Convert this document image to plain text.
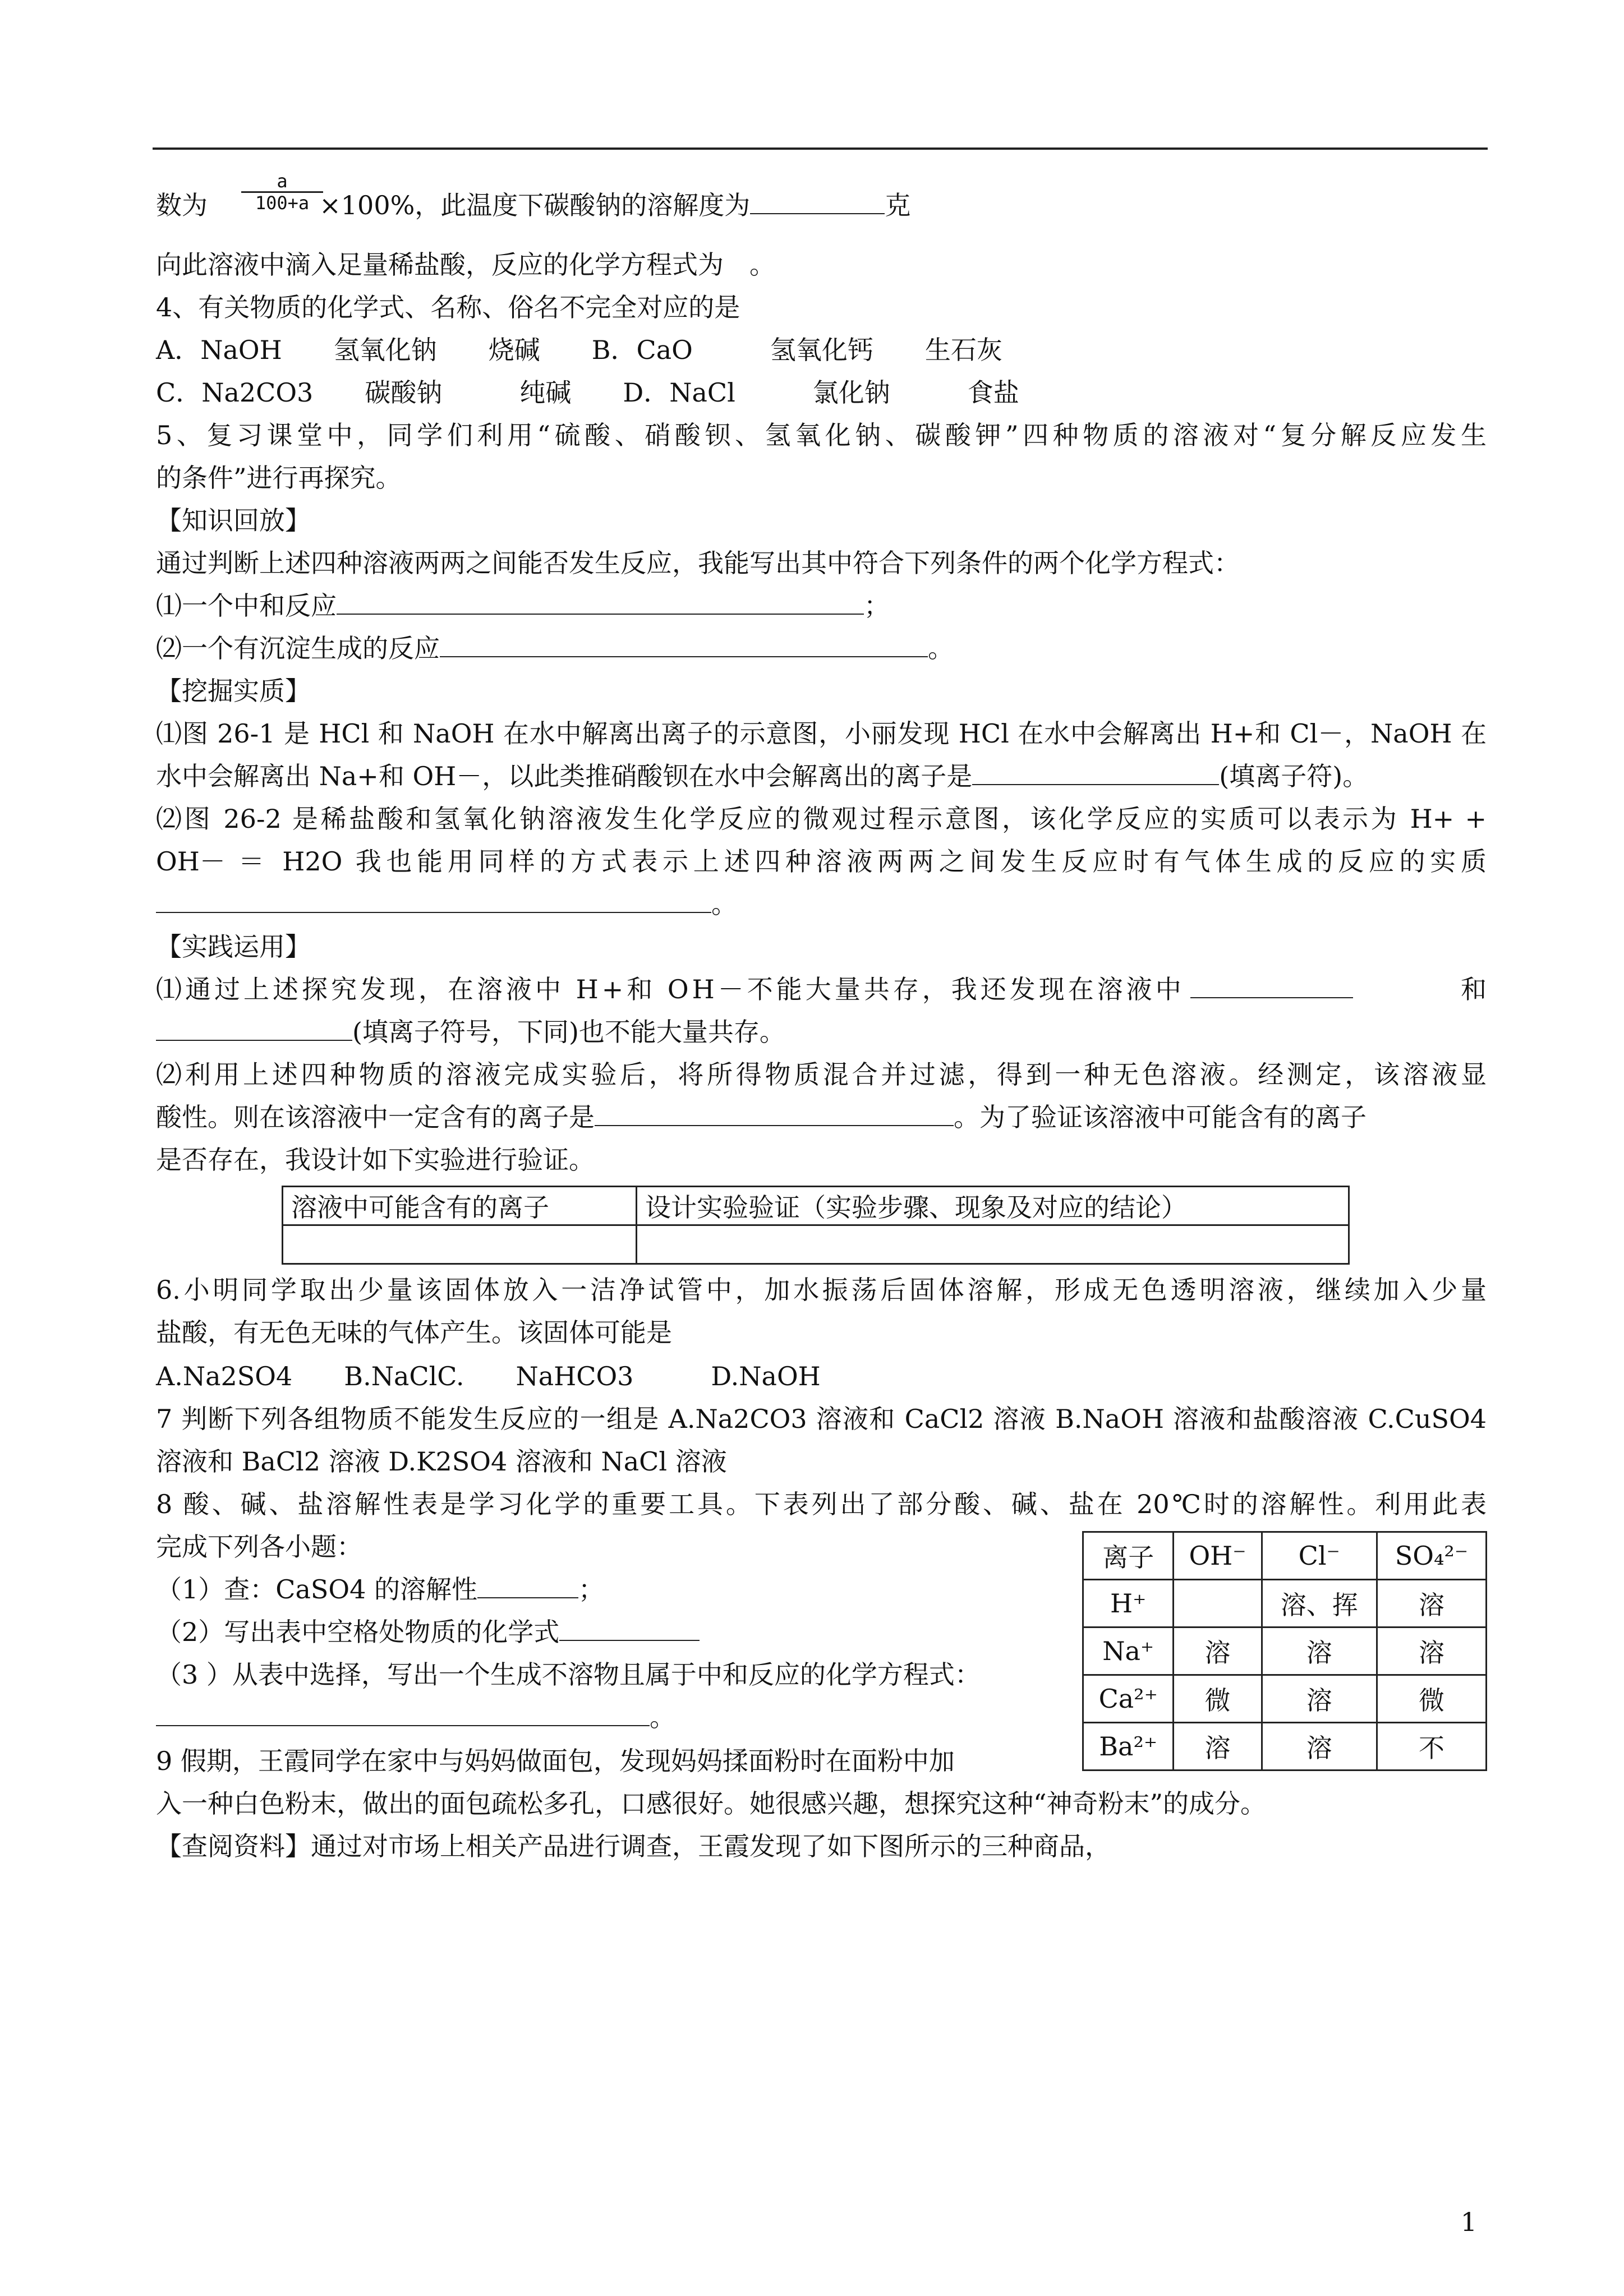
数为	×100%，此温度下碳酸钠的溶解度为	克
$\frac{a}{100+a}$
向此溶液中滴入足量稀盐酸，反应的化学方程式为　。
4、有关物质的化学式、名称、俗名不完全对应的是
A．NaOH　　氢氧化钠　　烧碱　　B．CaO　　　氢氧化钙　　生石灰
C．Na2CO3　　碳酸钠　　　纯碱　　D．NaCl　　　氯化钠　　　食盐
5、复习课堂中，同学们利用“硫酸、硝酸钡、氢氧化钠、碳酸钾”四种物质的溶液对“复分解反应发生
的条件”进行再探究。
【知识回放】
通过判断上述四种溶液两两之间能否发生反应，我能写出其中符合下列条件的两个化学方程式：
⑴一个中和反应	；
⑵一个有沉淀生成的反应	。
【挖掘实质】
⑴图 26-1 是 HCl 和 NaOH 在水中解离出离子的示意图，小丽发现 HCl 在水中会解离出 H+和 Cl－，NaOH 在
水中会解离出 Na+和 OH－，以此类推硝酸钡在水中会解离出的离子是	(填离子符)。
⑵图 26-2 是稀盐酸和氢氧化钠溶液发生化学反应的微观过程示意图，该化学反应的实质可以表示为 H+ +
OH－ ＝ H2O 我也能用同样的方式表示上述四种溶液两两之间发生反应时有气体生成的反应的实质
。
【实践运用】
⑴通过上述探究发现，在溶液中 H+和 OH－不能大量共存，我还发现在溶液中	和
(填离子符号，下同)也不能大量共存。
⑵利用上述四种物质的溶液完成实验后，将所得物质混合并过滤，得到一种无色溶液。经测定，该溶液显
酸性。则在该溶液中一定含有的离子是	。为了验证该溶液中可能含有的离子
是否存在，我设计如下实验进行验证。
溶液中可能含有的离子	设计实验验证（实验步骤、现象及对应的结论）

6.小明同学取出少量该固体放入一洁净试管中，加水振荡后固体溶解，形成无色透明溶液，继续加入少量
盐酸，有无色无味的气体产生。该固体可能是
A.Na2SO4　　B.NaClC.　　NaHCO3　　　D.NaOH
7 判断下列各组物质不能发生反应的一组是 A.Na2CO3 溶液和 CaCl2 溶液 B.NaOH 溶液和盐酸溶液 C.CuSO4
溶液和 BaCl2 溶液 D.K2SO4 溶液和 NaCl 溶液
8 酸、碱、盐溶解性表是学习化学的重要工具。下表列出了部分酸、碱、盐在 20℃时的溶解性。利用此表
完成下列各小题：
（1）查：CaSO4 的溶解性	；
（2）写出表中空格处物质的化学式
（3 ）从表中选择，写出一个生成不溶物且属于中和反应的化学方程式：
。
9 假期，王霞同学在家中与妈妈做面包，发现妈妈揉面粉时在面粉中加
入一种白色粉末，做出的面包疏松多孔，口感很好。她很感兴趣，想探究这种“神奇粉末”的成分。
【查阅资料】通过对市场上相关产品进行调查，王霞发现了如下图所示的三种商品，
离子	OH⁻	Cl⁻	SO₄²⁻
H⁺		溶、挥	溶
Na⁺	溶	溶	溶
Ca²⁺	微	溶	微
Ba²⁺	溶	溶	不
1
